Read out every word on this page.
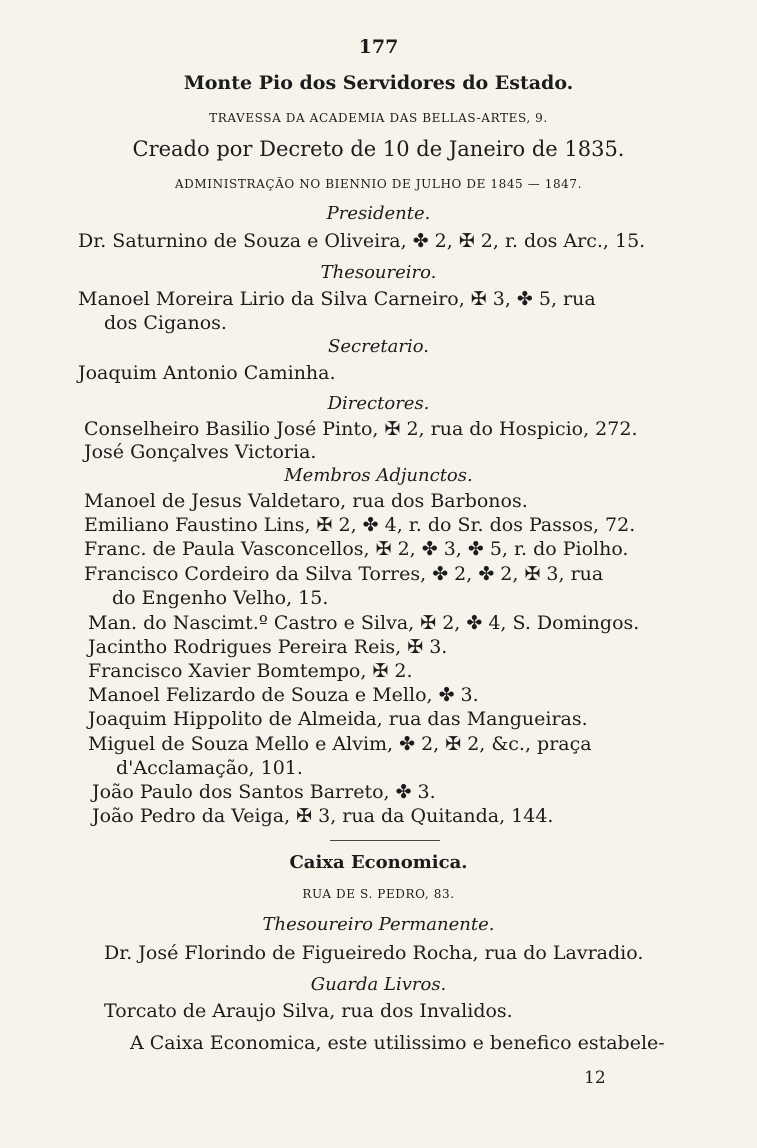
177
Monte Pio dos Servidores do Estado.
TRAVESSA DA ACADEMIA DAS BELLAS-ARTES, 9.
Creado por Decreto de 10 de Janeiro de 1835.
ADMINISTRAÇÃO NO BIENNIO DE JULHO DE 1845 — 1847.
Presidente.
Dr. Saturnino de Souza e Oliveira, ✤ 2, ✠ 2, r. dos Arc., 15.
Thesoureiro.
Manoel Moreira Lirio da Silva Carneiro, ✠ 3, ✤ 5, rua
dos Ciganos.
Secretario.
Joaquim Antonio Caminha.
Directores.
Conselheiro Basilio José Pinto, ✠ 2, rua do Hospicio, 272.
José Gonçalves Victoria.
Membros Adjunctos.
Manoel de Jesus Valdetaro, rua dos Barbonos.
Emiliano Faustino Lins, ✠ 2, ✤ 4, r. do Sr. dos Passos, 72.
Franc. de Paula Vasconcellos, ✠ 2, ✤ 3, ✤ 5, r. do Piolho.
Francisco Cordeiro da Silva Torres, ✤ 2, ✤ 2, ✠ 3, rua
do Engenho Velho, 15.
Man. do Nascimt.º Castro e Silva, ✠ 2, ✤ 4, S. Domingos.
Jacintho Rodrigues Pereira Reis, ✠ 3.
Francisco Xavier Bomtempo, ✠ 2.
Manoel Felizardo de Souza e Mello, ✤ 3.
Joaquim Hippolito de Almeida, rua das Mangueiras.
Miguel de Souza Mello e Alvim, ✤ 2, ✠ 2, &c., praça
d'Acclamação, 101.
João Paulo dos Santos Barreto, ✤ 3.
João Pedro da Veiga, ✠ 3, rua da Quitanda, 144.
Caixa Economica.
RUA DE S. PEDRO, 83.
Thesoureiro Permanente.
Dr. José Florindo de Figueiredo Rocha, rua do Lavradio.
Guarda Livros.
Torcato de Araujo Silva, rua dos Invalidos.
A Caixa Economica, este utilissimo e benefico estabele-
12
